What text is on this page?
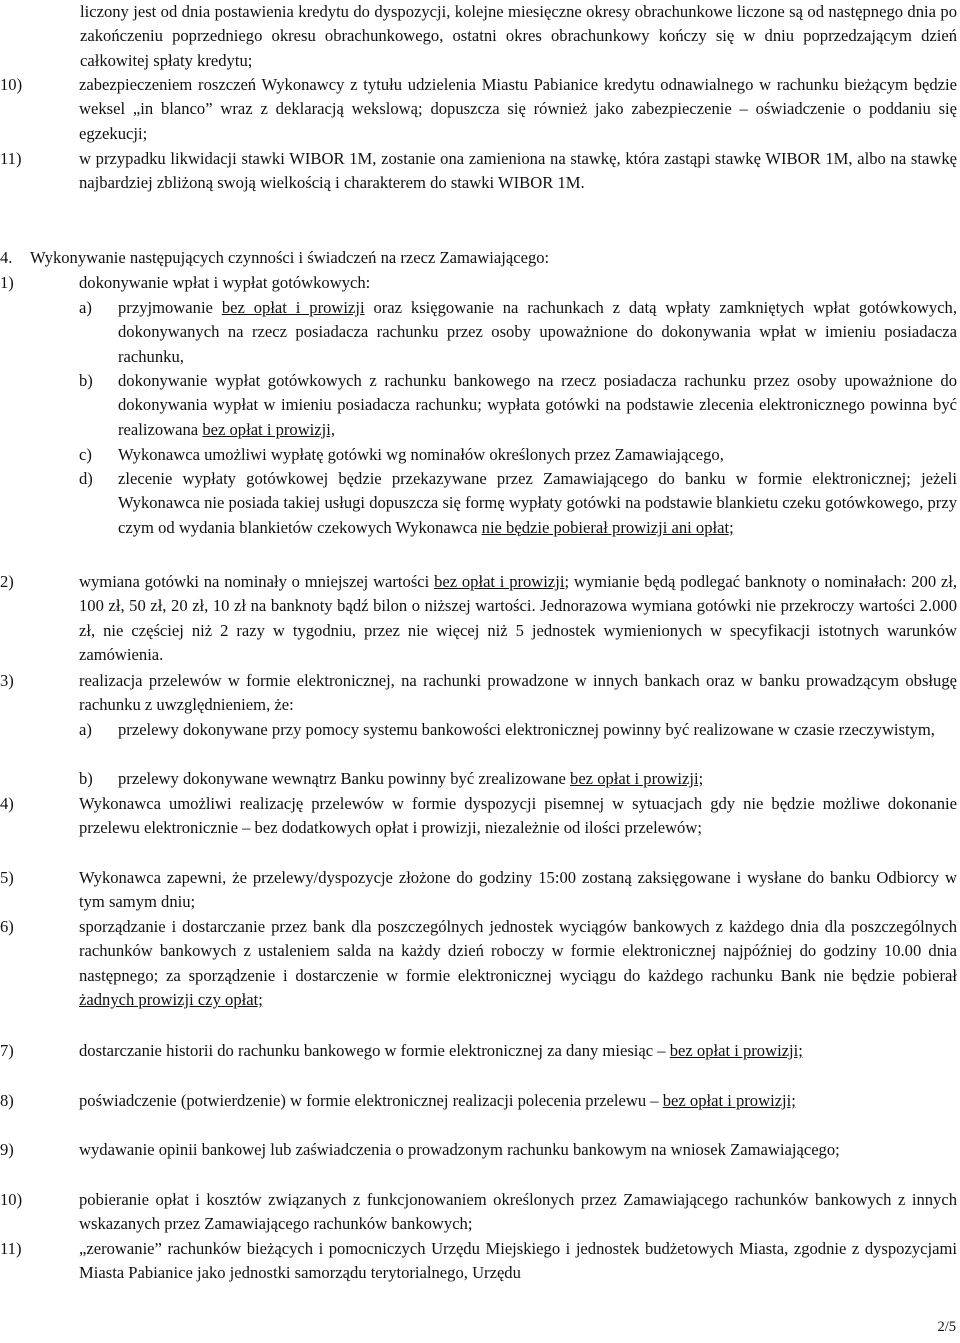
liczony jest od dnia postawienia kredytu do dyspozycji, kolejne miesięczne okresy obrachunkowe liczone są od następnego dnia po zakończeniu poprzedniego okresu obrachunkowego, ostatni okres obrachunkowy kończy się w dniu poprzedzającym dzień całkowitej spłaty kredytu;
10)	zabezpieczeniem roszczeń Wykonawcy z tytułu udzielenia Miastu Pabianice kredytu odnawialnego w rachunku bieżącym będzie weksel „in blanco” wraz z deklaracją wekslową; dopuszcza się również jako zabezpieczenie – oświadczenie o poddaniu się egzekucji;
11)	w przypadku likwidacji stawki WIBOR 1M, zostanie ona zamieniona na stawkę, która zastąpi stawkę WIBOR 1M, albo na stawkę najbardziej zbliżoną swoją wielkością i charakterem do stawki WIBOR 1M.
4. Wykonywanie następujących czynności i świadczeń na rzecz Zamawiającego:
1)	dokonywanie wpłat i wypłat gotówkowych:
a) przyjmowanie bez opłat i prowizji oraz księgowanie na rachunkach z datą wpłaty zamkniętych wpłat gotówkowych, dokonywanych na rzecz posiadacza rachunku przez osoby upoważnione do dokonywania wpłat w imieniu posiadacza rachunku,
b) dokonywanie wypłat gotówkowych z rachunku bankowego na rzecz posiadacza rachunku przez osoby upoważnione do dokonywania wypłat w imieniu posiadacza rachunku; wypłata gotówki na podstawie zlecenia elektronicznego powinna być realizowana bez opłat i prowizji,
c) Wykonawca umożliwi wypłatę gotówki wg nominałów określonych przez Zamawiającego,
d) zlecenie wypłaty gotówkowej będzie przekazywane przez Zamawiającego do banku w formie elektronicznej; jeżeli Wykonawca nie posiada takiej usługi dopuszcza się formę wypłaty gotówki na podstawie blankietu czeku gotówkowego, przy czym od wydania blankietów czekowych Wykonawca nie będzie pobierał prowizji ani opłat;
2)	wymiana gotówki na nominały o mniejszej wartości bez opłat i prowizji; wymianie będą podlegać banknoty o nominałach: 200 zł, 100 zł, 50 zł, 20 zł, 10 zł na banknoty bądź bilon o niższej wartości. Jednorazowa wymiana gotówki nie przekroczy wartości 2.000 zł, nie częściej niż 2 razy w tygodniu, przez nie więcej niż 5 jednostek wymienionych w specyfikacji istotnych warunków zamówienia.
3)	realizacja przelewów w formie elektronicznej, na rachunki prowadzone w innych bankach oraz w banku prowadzącym obsługę rachunku z uwzględnieniem, że:
a) przelewy dokonywane przy pomocy systemu bankowości elektronicznej powinny być realizowane w czasie rzeczywistym,
b) przelewy dokonywane wewnątrz Banku powinny być zrealizowane bez opłat i prowizji;
4)	Wykonawca umożliwi realizację przelewów w formie dyspozycji pisemnej w sytuacjach gdy nie będzie możliwe dokonanie przelewu elektronicznie – bez dodatkowych opłat i prowizji, niezależnie od ilości przelewów;
5)	Wykonawca zapewni, że przelewy/dyspozycje złożone do godziny 15:00 zostaną zaksięgowane i wysłane do banku Odbiorcy w tym samym dniu;
6)	sporządzanie i dostarczanie przez bank dla poszczególnych jednostek wyciągów bankowych z każdego dnia dla poszczególnych rachunków bankowych z ustaleniem salda na każdy dzień roboczy w formie elektronicznej najpóźniej do godziny 10.00 dnia następnego; za sporządzenie i dostarczenie w formie elektronicznej wyciągu do każdego rachunku Bank nie będzie pobierał żadnych prowizji czy opłat;
7)	dostarczanie historii do rachunku bankowego w formie elektronicznej za dany miesiąc – bez opłat i prowizji;
8)	poświadczenie (potwierdzenie) w formie elektronicznej realizacji polecenia przelewu – bez opłat i prowizji;
9)	wydawanie opinii bankowej lub zaświadczenia o prowadzonym rachunku bankowym na wniosek Zamawiającego;
10)	pobieranie opłat i kosztów związanych z funkcjonowaniem określonych przez Zamawiającego rachunków bankowych z innych wskazanych przez Zamawiającego rachunków bankowych;
11)	„zerowanie” rachunków bieżących i pomocniczych Urzędu Miejskiego i jednostek budżetowych Miasta, zgodnie z dyspozycjami Miasta Pabianice jako jednostki samorządu terytorialnego, Urzędu
2/5
